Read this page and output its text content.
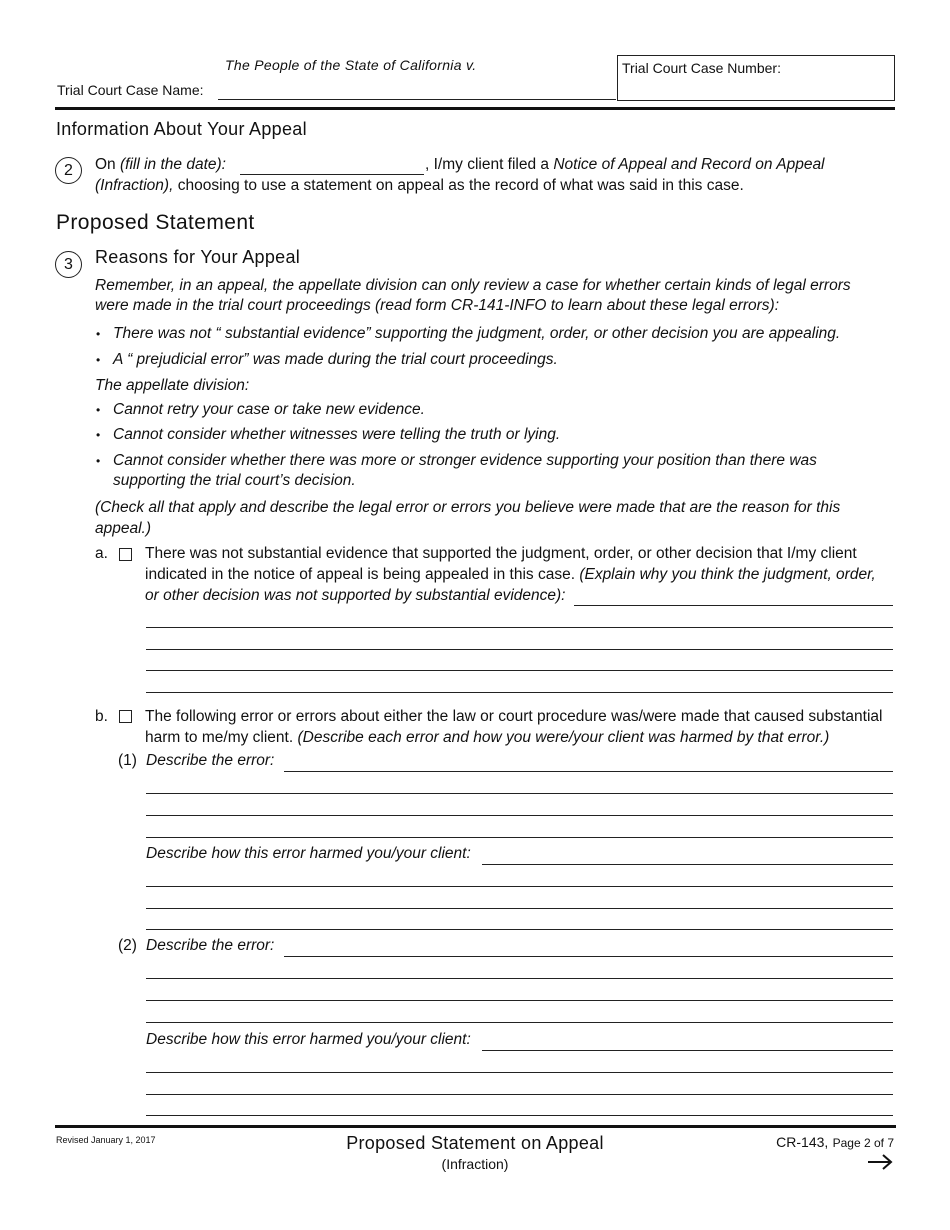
The People of the State of California v.
Trial Court Case Name:
Trial Court Case Number:
Information About Your Appeal
2	On (fill in the date):	, I/my client filed a Notice of Appeal and Record on Appeal
(Infraction), choosing to use a statement on appeal as the record of what was said in this case.
Proposed Statement
3	Reasons for Your Appeal
Remember, in an appeal, the appellate division can only review a case for whether certain kinds of legal errors
were made in the trial court proceedings (read form CR-141-INFO to learn about these legal errors):
• There was not “ substantial evidence” supporting the judgment, order, or other decision you are appealing.
• A “ prejudicial error” was made during the trial court proceedings.
The appellate division:
• Cannot retry your case or take new evidence.
• Cannot consider whether witnesses were telling the truth or lying.
• Cannot consider whether there was more or stronger evidence supporting your position than there was
supporting the trial court’s decision.
(Check all that apply and describe the legal error or errors you believe were made that are the reason for this
appeal.)
a. There was not substantial evidence that supported the judgment, order, or other decision that I/my client
indicated in the notice of appeal is being appealed in this case. (Explain why you think the judgment, order,
or other decision was not supported by substantial evidence):
b. The following error or errors about either the law or court procedure was/were made that caused substantial
harm to me/my client. (Describe each error and how you were/your client was harmed by that error.)
(1) Describe the error:
Describe how this error harmed you/your client:
(2) Describe the error:
Describe how this error harmed you/your client:
Revised January 1, 2017	Proposed Statement on Appeal
(Infraction)
CR-143, Page 2 of 7
